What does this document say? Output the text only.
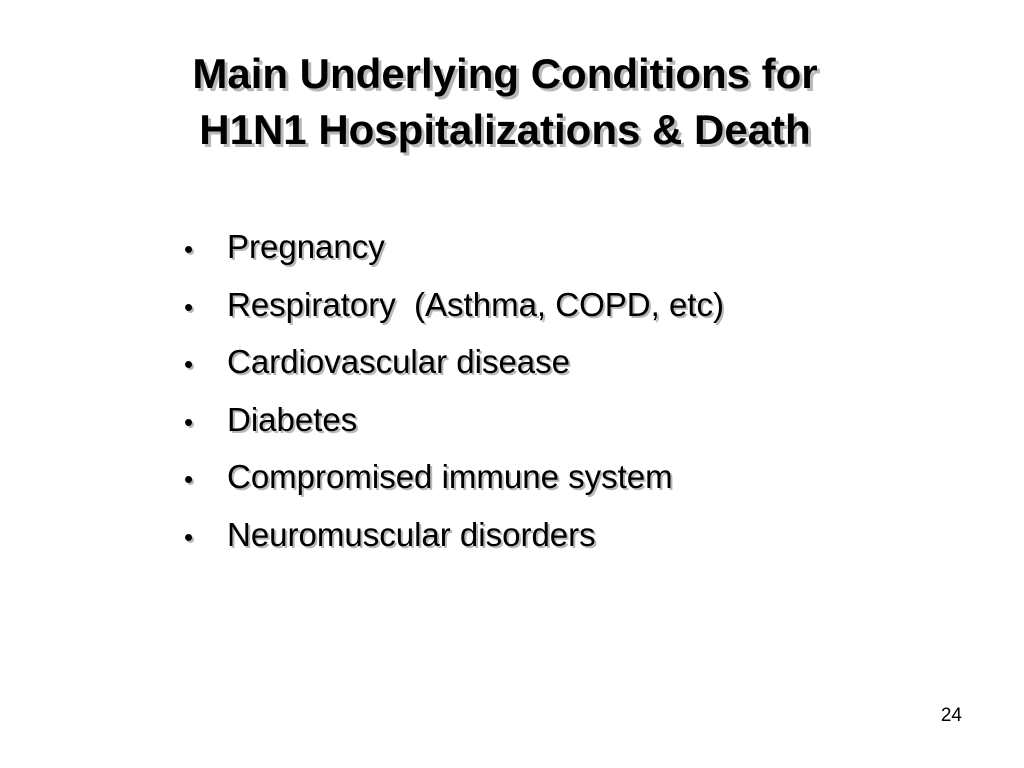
Main Underlying Conditions for
H1N1 Hospitalizations & Death
•	Pregnancy
•	Respiratory  (Asthma, COPD, etc)
•	Cardiovascular disease
•	Diabetes
•	Compromised immune system
•	Neuromuscular disorders
24
